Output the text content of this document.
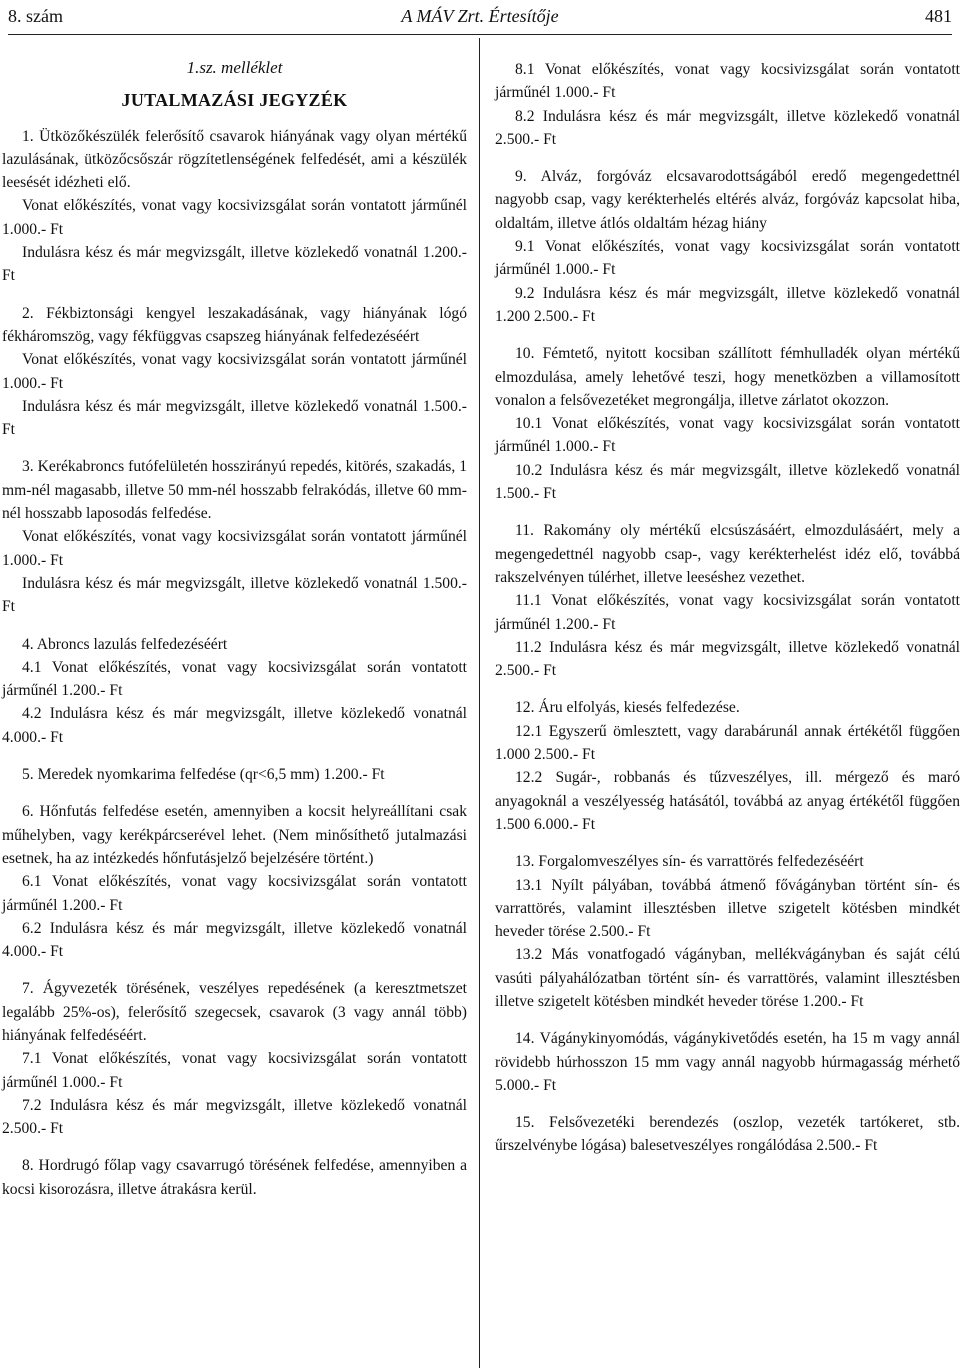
8. szám	A MÁV Zrt. Értesítője	481
1.sz. melléklet
JUTALMAZÁSI JEGYZÉK

1. Ütközőkészülék felerősítő csavarok hiányának vagy olyan mértékű lazulásának, ütközőcsőszár rögzítetlenségének felfedését, ami a készülék leesését idézheti elő.

Vonat előkészítés, vonat vagy kocsivizsgálat során vontatott járműnél 1.000.- Ft

Indulásra kész és már megvizsgált, illetve közlekedő vonatnál 1.200.- Ft

2. Fékbiztonsági kengyel leszakadásának, vagy hiányának lógó fékháromszög, vagy fékfüggvas csapszeg hiányának felfedezéséért

Vonat előkészítés, vonat vagy kocsivizsgálat során vontatott járműnél 1.000.- Ft

Indulásra kész és már megvizsgált, illetve közlekedő vonatnál 1.500.- Ft

3. Kerékabroncs futófelületén hosszirányú repedés, kitörés, szakadás, 1 mm-nél magasabb, illetve 50 mm-nél hosszabb felrakódás, illetve 60 mm-nél hosszabb laposodás felfedése.

Vonat előkészítés, vonat vagy kocsivizsgálat során vontatott járműnél 1.000.- Ft

Indulásra kész és már megvizsgált, illetve közlekedő vonatnál 1.500.- Ft

4. Abroncs lazulás felfedezéséért

4.1 Vonat előkészítés, vonat vagy kocsivizsgálat során vontatott járműnél 1.200.- Ft

4.2 Indulásra kész és már megvizsgált, illetve közlekedő vonatnál 4.000.- Ft

5. Meredek nyomkarima felfedése (qr<6,5 mm) 1.200.- Ft

6. Hőnfutás felfedése esetén, amennyiben a kocsit helyreállítani csak műhelyben, vagy kerékpárcserével lehet. (Nem minősíthető jutalmazási esetnek, ha az intézkedés hőnfutásjelző bejelzésére történt.)

6.1 Vonat előkészítés, vonat vagy kocsivizsgálat során vontatott járműnél 1.200.- Ft

6.2 Indulásra kész és már megvizsgált, illetve közlekedő vonatnál 4.000.- Ft

7. Ágyvezeték törésének, veszélyes repedésének (a keresztmetszet legalább 25%-os), felerősítő szegecsek, csavarok (3 vagy annál több) hiányának felfedéséért.

7.1 Vonat előkészítés, vonat vagy kocsivizsgálat során vontatott járműnél 1.000.- Ft

7.2 Indulásra kész és már megvizsgált, illetve közlekedő vonatnál 2.500.- Ft

8. Hordrugó főlap vagy csavarrugó törésének felfedése, amennyiben a kocsi kisorozásra, illetve átrakásra kerül.

8.1 Vonat előkészítés, vonat vagy kocsivizsgálat során vontatott járműnél 1.000.- Ft

8.2 Indulásra kész és már megvizsgált, illetve közlekedő vonatnál 2.500.- Ft

9. Alváz, forgóváz elcsavarodottságából eredő megengedettnél nagyobb csap, vagy kerékterhelés eltérés alváz, forgóváz kapcsolat hiba, oldaltám, illetve átlós oldaltám hézag hiány

9.1 Vonat előkészítés, vonat vagy kocsivizsgálat során vontatott járműnél 1.000.- Ft

9.2 Indulásra kész és már megvizsgált, illetve közlekedő vonatnál 1.200 2.500.- Ft

10. Fémtető, nyitott kocsiban szállított fémhulladék olyan mértékű elmozdulása, amely lehetővé teszi, hogy menetközben a villamosított vonalon a felsővezetéket megrongálja, illetve zárlatot okozzon.

10.1 Vonat előkészítés, vonat vagy kocsivizsgálat során vontatott járműnél 1.000.- Ft

10.2 Indulásra kész és már megvizsgált, illetve közlekedő vonatnál 1.500.- Ft

11. Rakomány oly mértékű elcsúszásáért, elmozdulásáért, mely a megengedettnél nagyobb csap-, vagy kerékterhelést idéz elő, továbbá rakszelvényen túlérhet, illetve leeséshez vezethet.

11.1 Vonat előkészítés, vonat vagy kocsivizsgálat során vontatott járműnél 1.200.- Ft

11.2 Indulásra kész és már megvizsgált, illetve közlekedő vonatnál 2.500.- Ft

12. Áru elfolyás, kiesés felfedezése.

12.1 Egyszerű ömlesztett, vagy darabárunál annak értékétől függően 1.000 2.500.- Ft

12.2 Sugár-, robbanás és tűzveszélyes, ill. mérgező és maró anyagoknál a veszélyesség hatásától, továbbá az anyag értékétől függően 1.500 6.000.- Ft

13. Forgalomveszélyes sín- és varrattörés felfedezéséért

13.1 Nyílt pályában, továbbá átmenő fővágányban történt sín- és varrattörés, valamint illesztésben illetve szigetelt kötésben mindkét heveder törése 2.500.- Ft

13.2 Más vonatfogadó vágányban, mellékvágányban és saját célú vasúti pályahálózatban történt sín- és varrattörés, valamint illesztésben illetve szigetelt kötésben mindkét heveder törése 1.200.- Ft

14. Vágánykinyomódás, vágánykivetődés esetén, ha 15 m vagy annál rövidebb húrhosszon 15 mm vagy annál nagyobb húrmagasság mérhető 5.000.- Ft

15. Felsővezetéki berendezés (oszlop, vezeték tartókeret, stb. űrszelvénybe lógása) balesetveszélyes rongálódása 2.500.- Ft
